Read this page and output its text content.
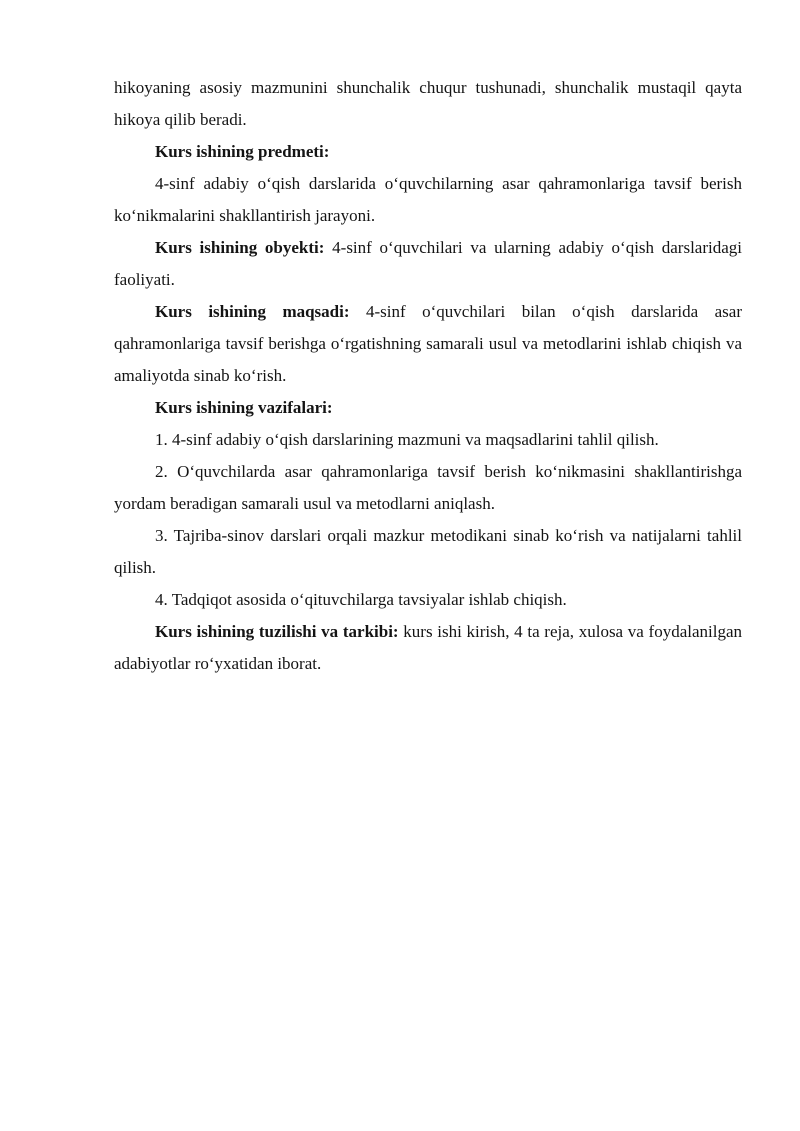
hikoyaning asosiy mazmunini shunchalik chuqur tushunadi, shunchalik mustaqil qayta hikoya qilib beradi.

Kurs ishining predmeti:

4-sinf adabiy o‘qish darslarida o‘quvchilarning asar qahramonlariga tavsif berish ko‘nikmalarini shakllantirish jarayoni.

Kurs ishining obyekti: 4-sinf o‘quvchilari va ularning adabiy o‘qish darslaridagi faoliyati.

Kurs ishining maqsadi: 4-sinf o‘quvchilari bilan o‘qish darslarida asar qahramonlariga tavsif berishga o‘rgatishning samarali usul va metodlarini ishlab chiqish va amaliyotda sinab ko‘rish.

Kurs ishining vazifalari:

1. 4-sinf adabiy o‘qish darslarining mazmuni va maqsadlarini tahlil qilish.

2. O‘quvchilarda asar qahramonlariga tavsif berish ko‘nikmasini shakllantirishga yordam beradigan samarali usul va metodlarni aniqlash.

3. Tajriba-sinov darslari orqali mazkur metodikani sinab ko‘rish va natijalarni tahlil qilish.

4. Tadqiqot asosida o‘qituvchilarga tavsiyalar ishlab chiqish.

Kurs ishining tuzilishi va tarkibi: kurs ishi kirish, 4 ta reja, xulosa va foydalanilgan adabiyotlar ro‘yxatidan iborat.
